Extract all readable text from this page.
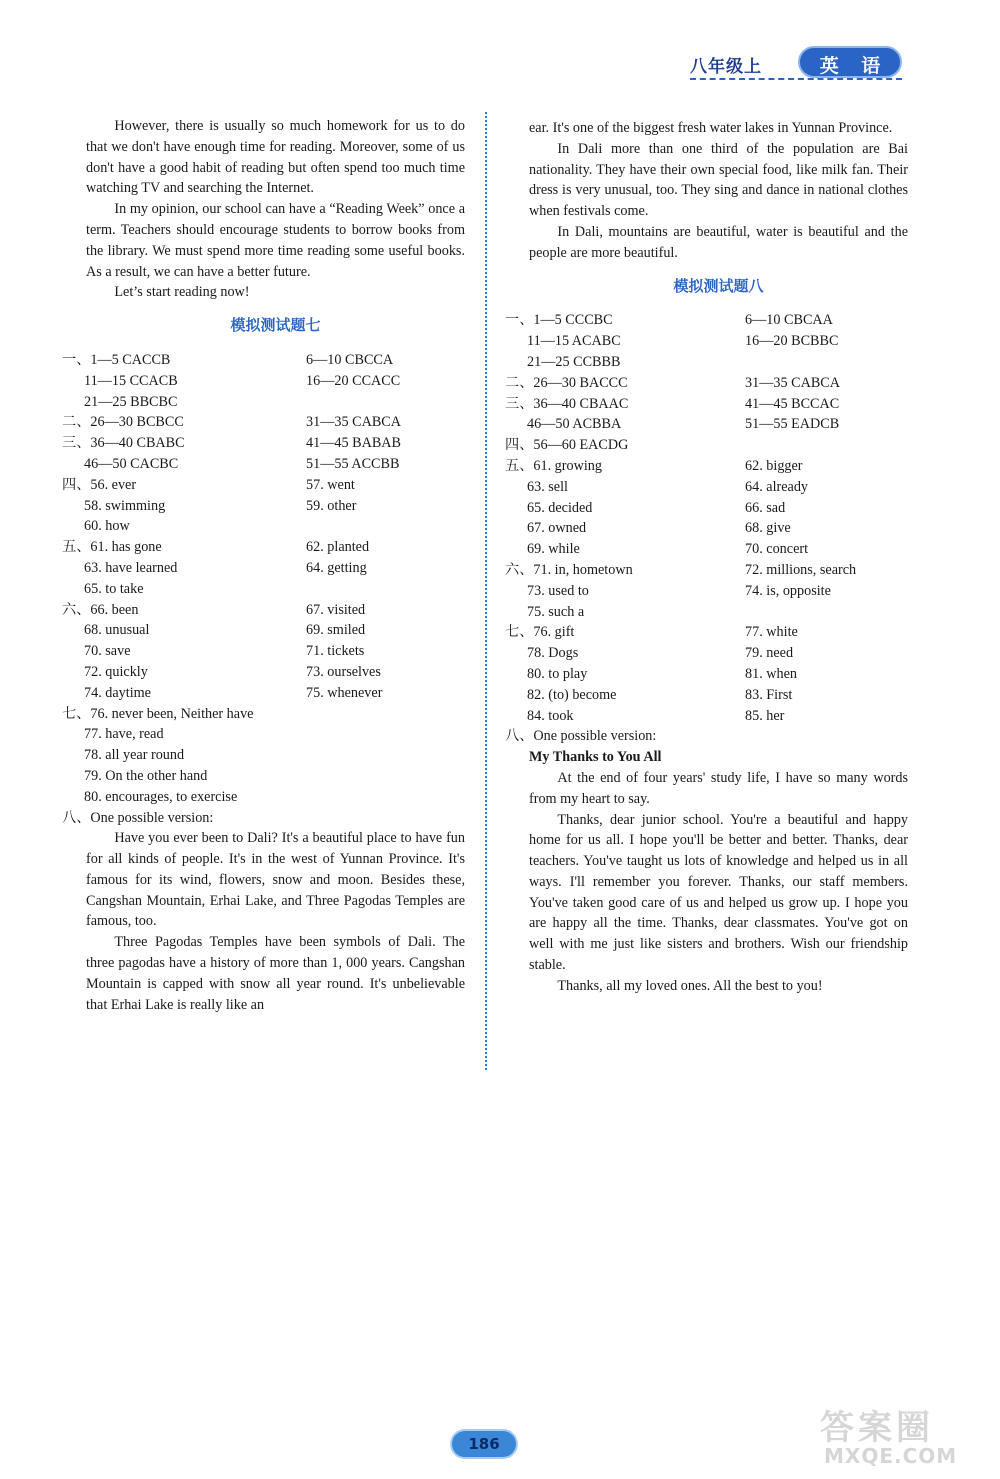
八年级上	英 语

However, there is usually so much homework for us to do that we don't have enough time for reading. Moreover, some of us don't have a good habit of reading but often spend too much time watching TV and searching the Internet.

In my opinion, our school can have a “Reading Week” once a term. Teachers should encourage students to borrow books from the library. We must spend more time reading some useful books. As a result, we can have a better future.

Let’s start reading now!

模拟测试题七
一、1—5 CACCB	6—10 CBCCA
11—15 CCACB	16—20 CCACC
21—25 BBCBC
二、26—30 BCBCC	31—35 CABCA
三、36—40 CBABC	41—45 BABAB
46—50 CACBC	51—55 ACCBB
四、56. ever	57. went
58. swimming	59. other
60. how
五、61. has gone	62. planted
63. have learned	64. getting
65. to take
六、66. been	67. visited
68. unusual	69. smiled
70. save	71. tickets
72. quickly	73. ourselves
74. daytime	75. whenever
七、76. never been, Neither have
77. have, read
78. all year round
79. On the other hand
80. encourages, to exercise
八、One possible version:

Have you ever been to Dali? It's a beautiful place to have fun for all kinds of people. It's in the west of Yunnan Province. It's famous for its wind, flowers, snow and moon. Besides these, Cangshan Mountain, Erhai Lake, and Three Pagodas Temples are famous, too.

Three Pagodas Temples have been symbols of Dali. The three pagodas have a history of more than 1, 000 years. Cangshan Mountain is capped with snow all year round. It's unbelievable that Erhai Lake is really like an

ear. It's one of the biggest fresh water lakes in Yunnan Province.

In Dali more than one third of the population are Bai nationality. They have their own special food, like milk fan. Their dress is very unusual, too. They sing and dance in national clothes when festivals come.

In Dali, mountains are beautiful, water is beautiful and the people are more beautiful.

模拟测试题八
一、1—5 CCCBC	6—10 CBCAA
11—15 ACABC	16—20 BCBBC
21—25 CCBBB
二、26—30 BACCC	31—35 CABCA
三、36—40 CBAAC	41—45 BCCAC
46—50 ACBBA	51—55 EADCB
四、56—60 EACDG
五、61. growing	62. bigger
63. sell	64. already
65. decided	66. sad
67. owned	68. give
69. while	70. concert
六、71. in, hometown	72. millions, search
73. used to	74. is, opposite
75. such a
七、76. gift	77. white
78. Dogs	79. need
80. to play	81. when
82. (to) become	83. First
84. took	85. her
八、One possible version:

My Thanks to You All

At the end of four years' study life, I have so many words from my heart to say.

Thanks, dear junior school. You're a beautiful and happy home for us all. I hope you'll be better and better. Thanks, dear teachers. You've taught us lots of knowledge and helped us in all ways. I'll remember you forever. Thanks, our staff members. You've taken good care of us and helped us grow up. I hope you are happy all the time. Thanks, dear classmates. You've got on well with me just like sisters and brothers. Wish our friendship stable.

Thanks, all my loved ones. All the best to you!

186	答案圈
MXQE.COM
